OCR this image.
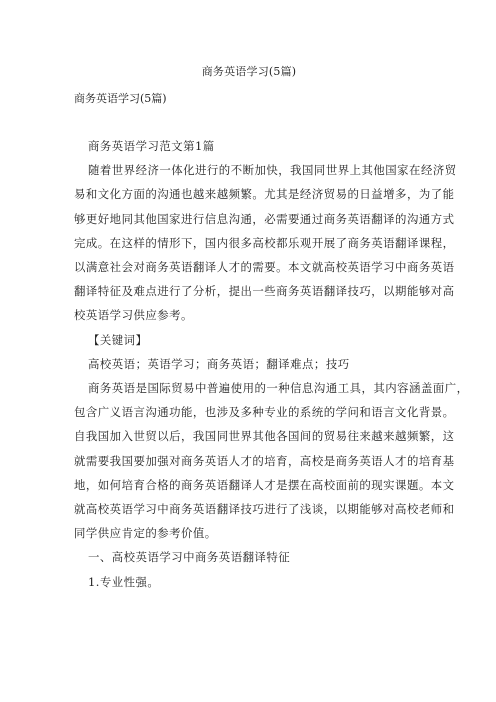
商务英语学习(5篇)
商务英语学习(5篇)
商务英语学习范文第1篇
随着世界经济一体化进行的不断加快，我国同世界上其他国家在经济贸
易和文化方面的沟通也越来越频繁。尤其是经济贸易的日益增多，为了能
够更好地同其他国家进行信息沟通，必需要通过商务英语翻译的沟通方式
完成。在这样的情形下，国内很多高校都乐观开展了商务英语翻译课程，
以满意社会对商务英语翻译人才的需要。本文就高校英语学习中商务英语
翻译特征及难点进行了分析，提出一些商务英语翻译技巧，以期能够对高
校英语学习供应参考。
【关键词】
高校英语；英语学习；商务英语；翻译难点；技巧
商务英语是国际贸易中普遍使用的一种信息沟通工具，其内容涵盖面广，
包含广义语言沟通功能，也涉及多种专业的系统的学问和语言文化背景。
自我国加入世贸以后，我国同世界其他各国间的贸易往来越来越频繁，这
就需要我国要加强对商务英语人才的培育，高校是商务英语人才的培育基
地，如何培育合格的商务英语翻译人才是摆在高校面前的现实课题。本文
就高校英语学习中商务英语翻译技巧进行了浅谈，以期能够对高校老师和
同学供应肯定的参考价值。
一、高校英语学习中商务英语翻译特征
1.专业性强。
